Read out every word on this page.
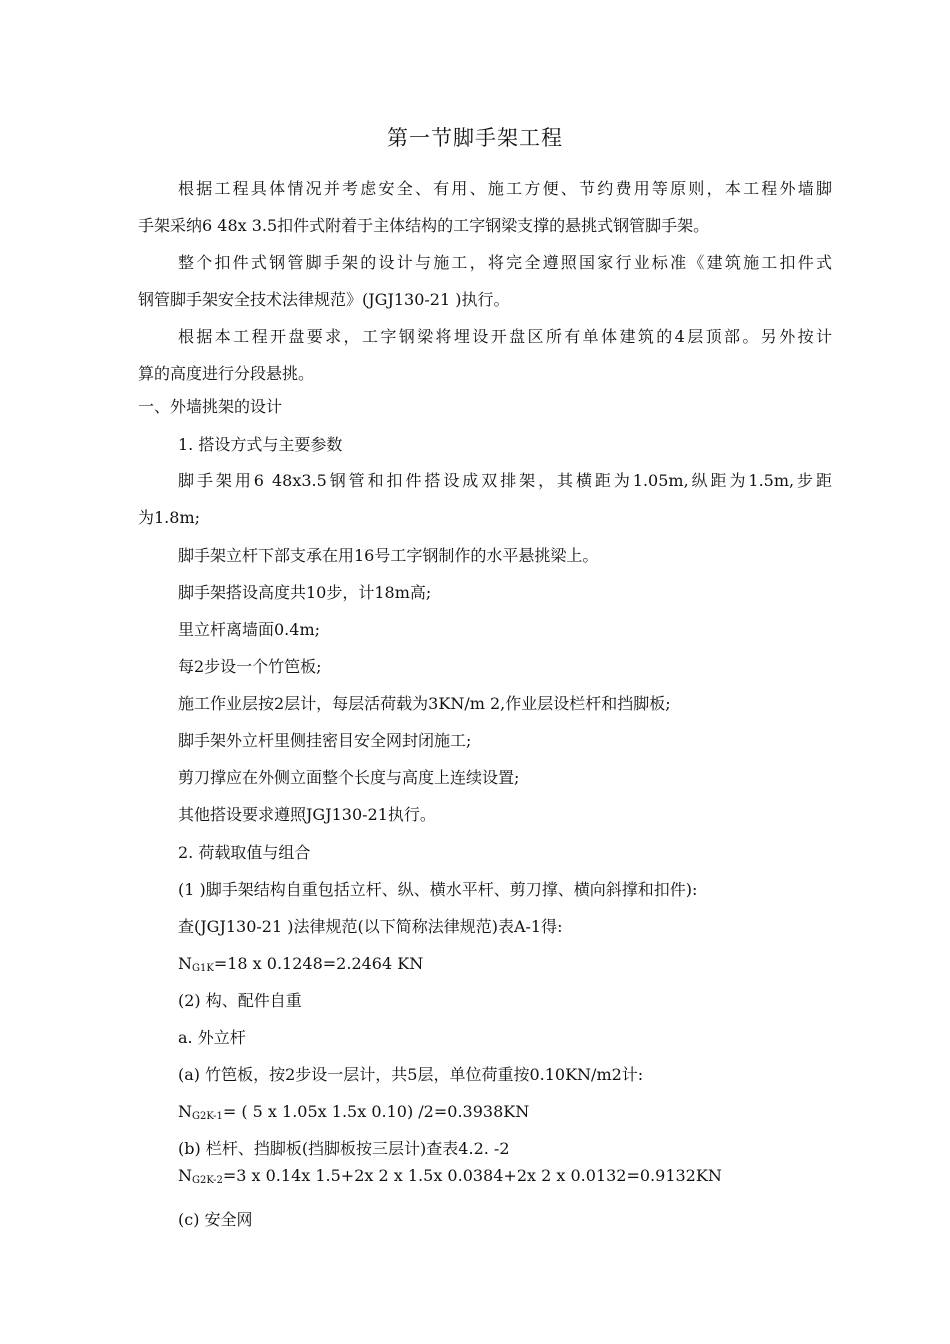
第一节脚手架工程
根据工程具体情况并考虑安全、有用、施工方便、节约费用等原则，本工程外墙脚
手架采纳6 48x 3.5扣件式附着于主体结构的工字钢梁支撑的悬挑式钢管脚手架。
整个扣件式钢管脚手架的设计与施工，将完全遵照国家行业标准《建筑施工扣件式
钢管脚手架安全技术法律规范》(JGJ130-21 )执行。
根据本工程开盘要求，工字钢梁将埋设开盘区所有单体建筑的4层顶部。另外按计
算的高度进行分段悬挑。
一、外墙挑架的设计
1. 搭设方式与主要参数
脚手架用6 48x3.5钢管和扣件搭设成双排架，其横距为1.05m,纵距为1.5m,步距
为1.8m;
脚手架立杆下部支承在用16号工字钢制作的水平悬挑梁上。
脚手架搭设高度共10步，计18m高;
里立杆离墙面0.4m;
每2步设一个竹笆板;
施工作业层按2层计，每层活荷载为3KN/m 2,作业层设栏杆和挡脚板;
脚手架外立杆里侧挂密目安全网封闭施工;
剪刀撑应在外侧立面整个长度与高度上连续设置;
其他搭设要求遵照JGJ130-21执行。
2. 荷载取值与组合
(1 )脚手架结构自重包括立杆、纵、横水平杆、剪刀撑、横向斜撑和扣件):
查(JGJ130-21 )法律规范(以下简称法律规范)表A-1得:
$N_{G1K}=18$ x 0.1248=2.2464 KN
(2) 构、配件自重
a. 外立杆
(a) 竹笆板，按2步设一层计，共5层，单位荷重按0.10KN/m2计:
$N_{G2K-1}=$ ( 5 x 1.05x 1.5x 0.10) /2=0.3938KN
(b) 栏杆、挡脚板(挡脚板按三层计)查表4.2. -2
$N_{G2K-2}=3$ x 0.14x 1.5+2x 2 x 1.5x 0.0384+2x 2 x 0.0132=0.9132KN
(c) 安全网
